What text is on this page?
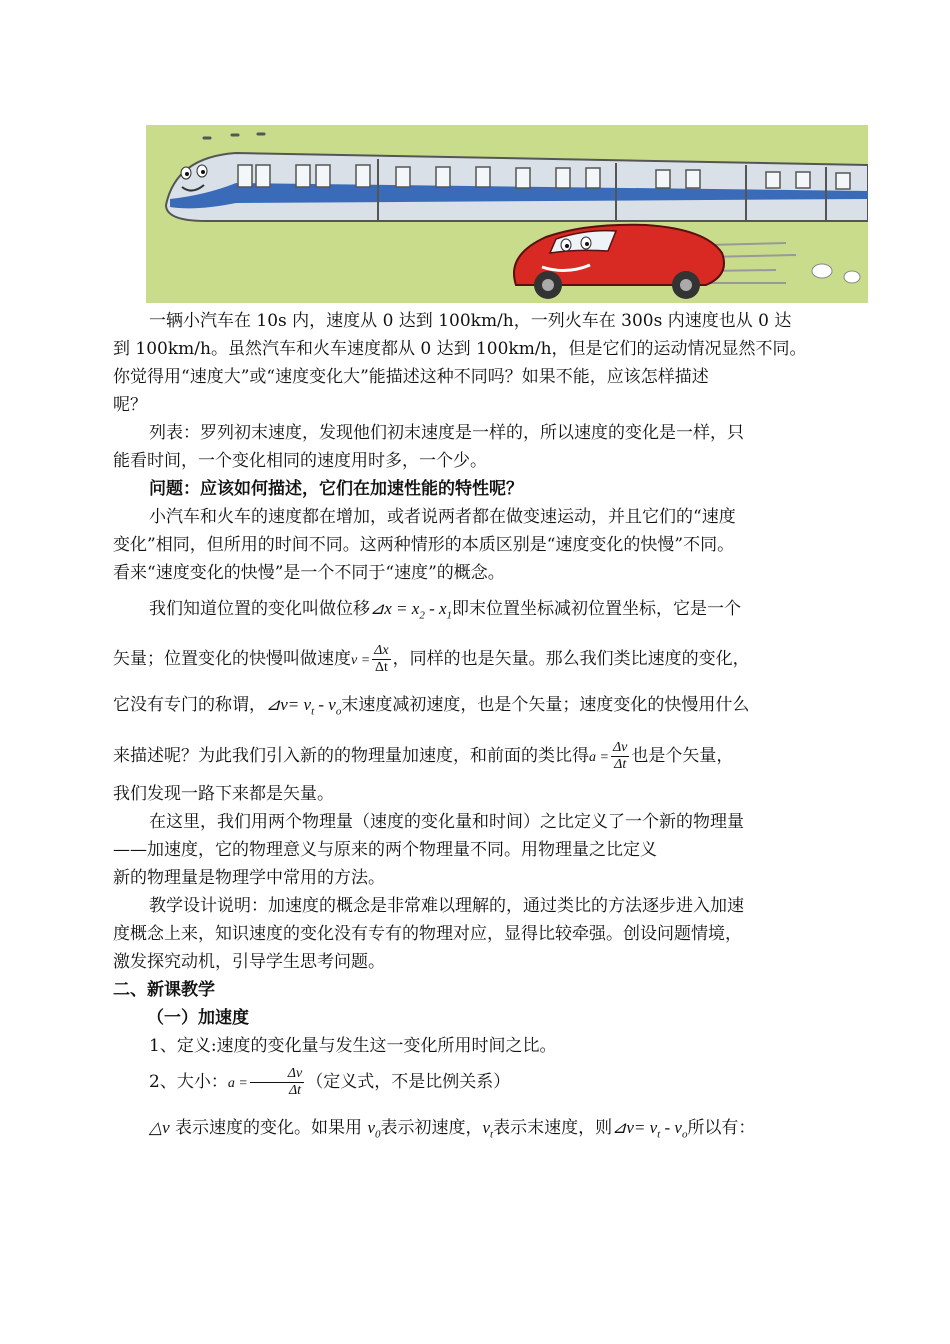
一辆小汽车在 10s 内，速度从 0 达到 100km/h，一列火车在 300s 内速度也从 0 达

到 100km/h。虽然汽车和火车速度都从 0 达到 100km/h，但是它们的运动情况显然不同。

你觉得用“速度大”或“速度变化大”能描述这种不同吗？如果不能，应该怎样描述

呢？

列表：罗列初末速度，发现他们初末速度是一样的，所以速度的变化是一样，只

能看时间，一个变化相同的速度用时多，一个少。

问题：应该如何描述，它们在加速性能的特性呢？

小汽车和火车的速度都在增加，或者说两者都在做变速运动，并且它们的“速度

变化”相同，但所用的时间不同。这两种情形的本质区别是“速度变化的快慢”不同。

看来“速度变化的快慢”是一个不同于“速度”的概念。

我们知道位置的变化叫做位移⊿x = $x_2 - x_1$即末位置坐标减初位置坐标，它是一个

矢量；位置变化的快慢叫做速度$v = \frac{\Delta x}{\Delta t}$ ，同样的也是矢量。那么我们类比速度的变化，

它没有专门的称谓，⊿v= $v_t - v_o$末速度减初速度，也是个矢量；速度变化的快慢用什么

来描述呢？为此我们引入新的的物理量加速度，和前面的类比得$a = \frac{\Delta v}{\Delta t}$ 也是个矢量，

我们发现一路下来都是矢量。

在这里，我们用两个物理量（速度的变化量和时间）之比定义了一个新的物理量

——加速度，它的物理意义与原来的两个物理量不同。用物理量之比定义

新的物理量是物理学中常用的方法。

教学设计说明：加速度的概念是非常难以理解的，通过类比的方法逐步进入加速

度概念上来，知识速度的变化没有专有的物理对应，显得比较牵强。创设问题情境，

激发探究动机，引导学生思考问题。

二、新课教学

（一）加速度

1、定义:速度的变化量与发生这一变化所用时间之比。

2、大小：$a = \frac{\Delta v}{\Delta t}$ （定义式，不是比例关系）

△v 表示速度的变化。如果用 $v_0$表示初速度，$v_t$表示末速度，则⊿v= $v_t - v_o$所以有：
